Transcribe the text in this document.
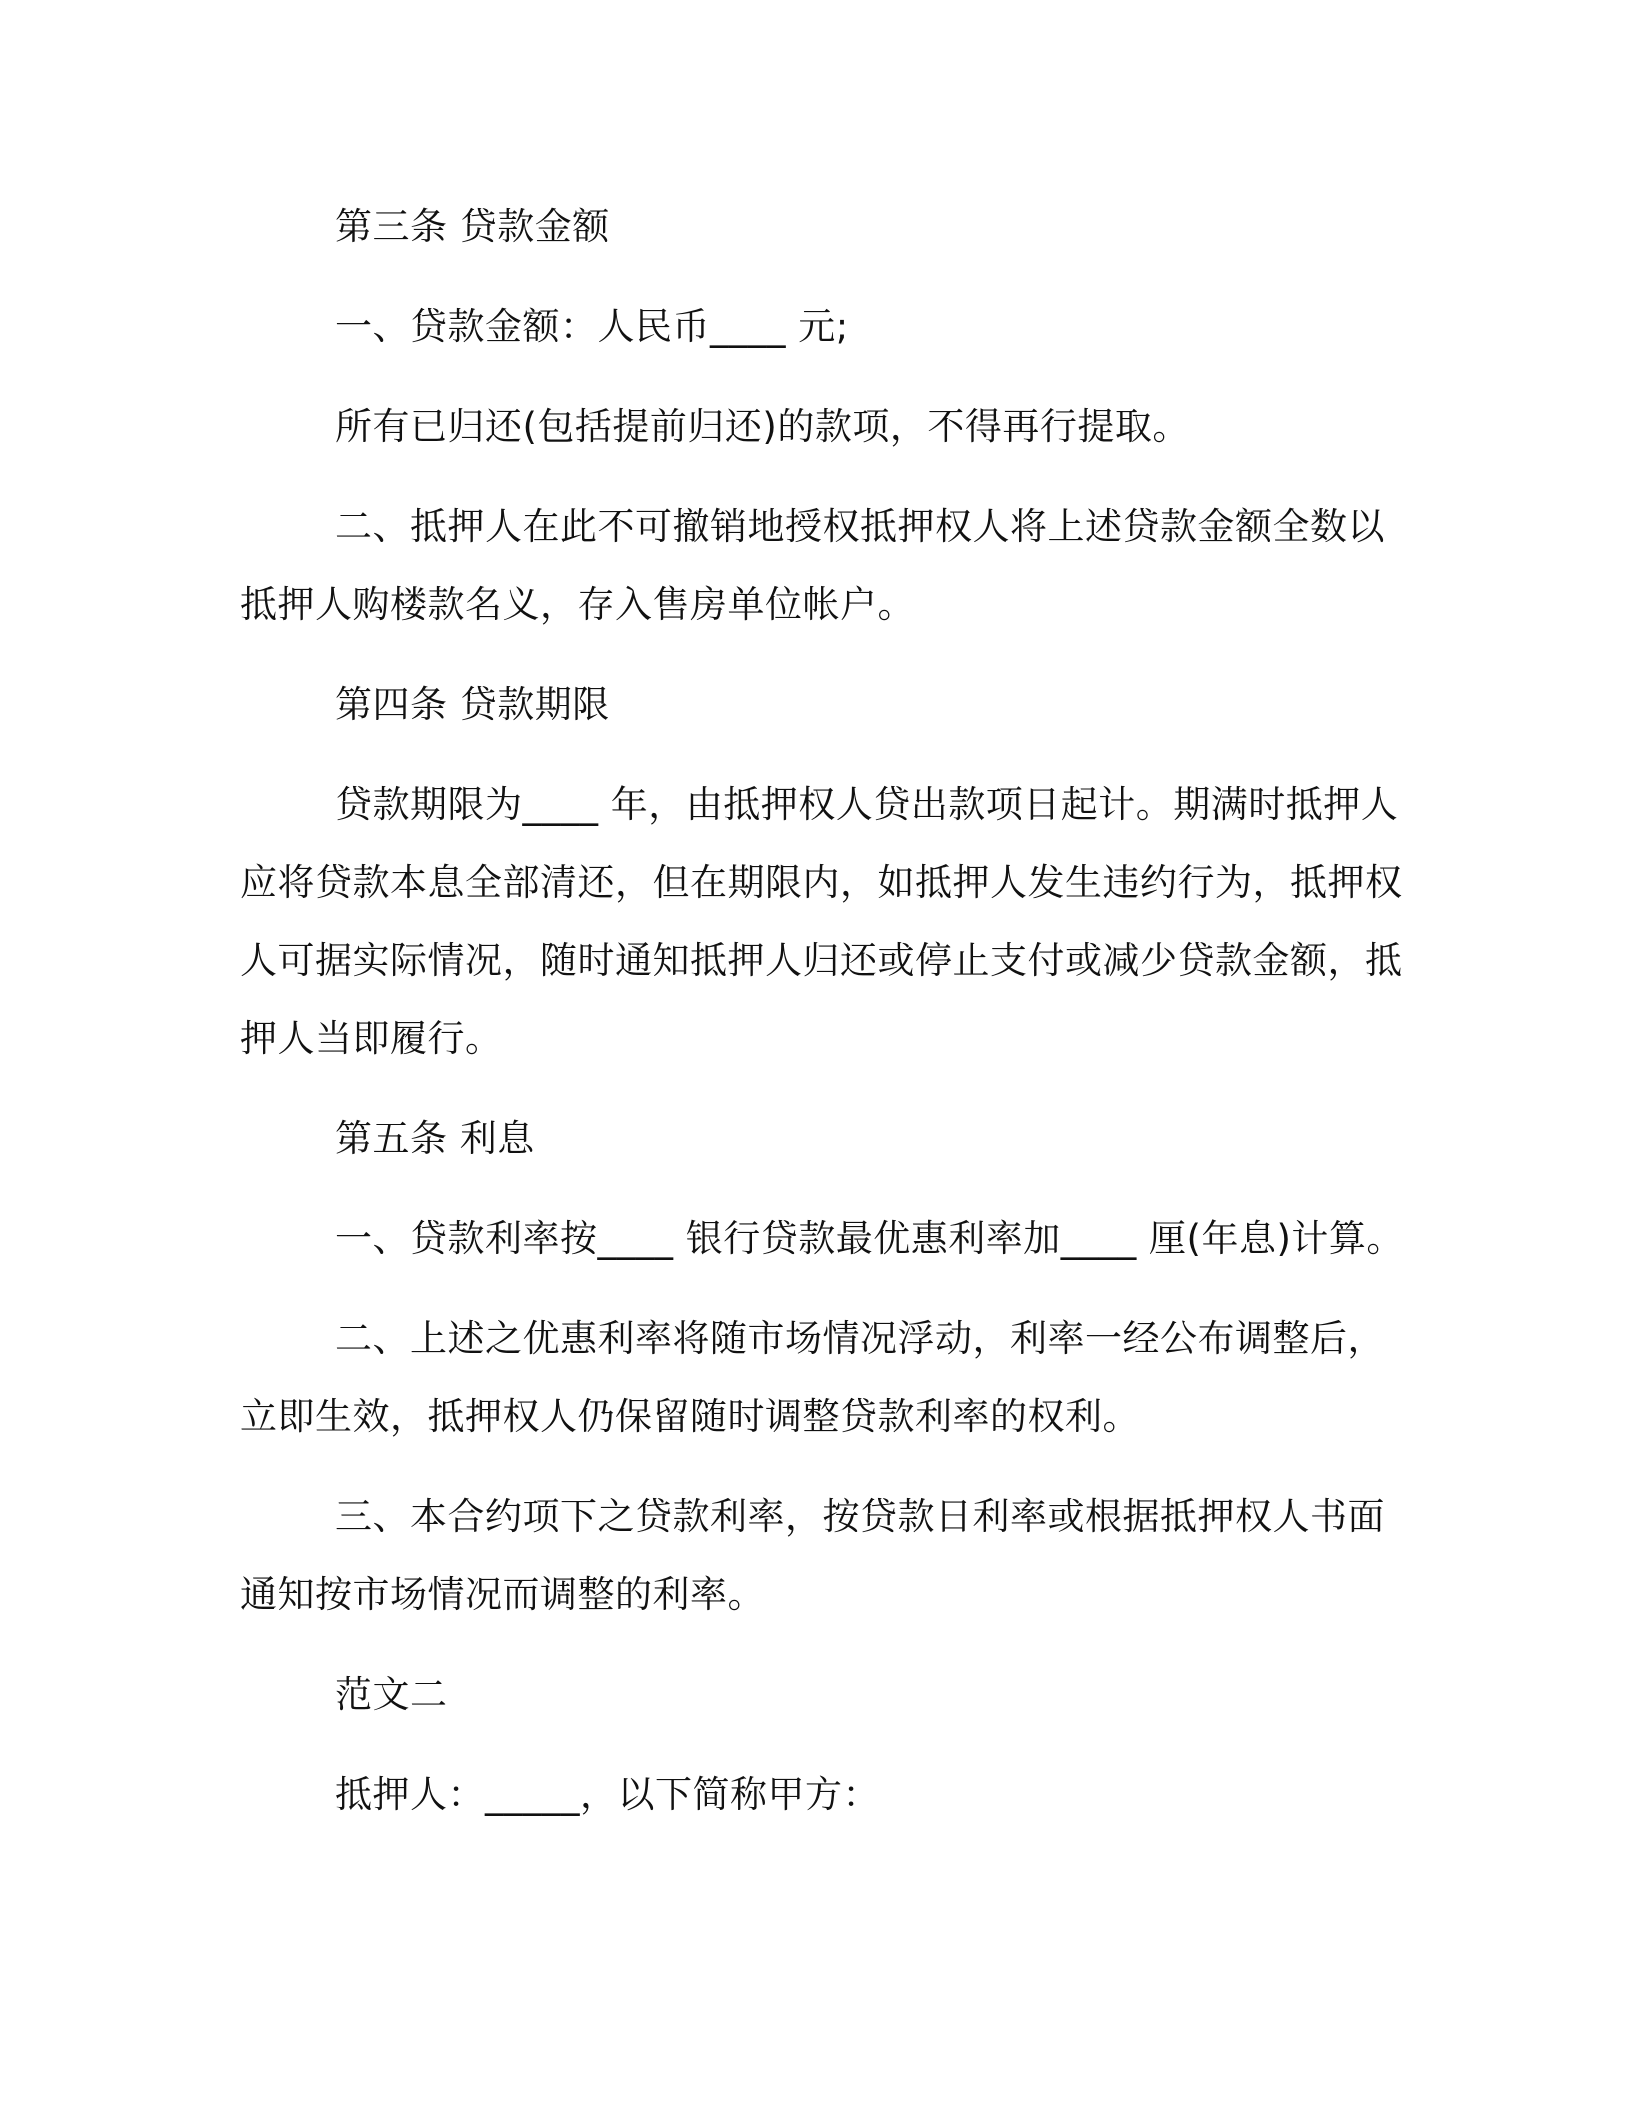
第三条 贷款金额

一、贷款金额：人民币____ 元;

所有已归还(包括提前归还)的款项，不得再行提取。

二、抵押人在此不可撤销地授权抵押权人将上述贷款金额全数以抵押人购楼款名义，存入售房单位帐户。

第四条 贷款期限

贷款期限为____ 年，由抵押权人贷出款项日起计。期满时抵押人应将贷款本息全部清还，但在期限内，如抵押人发生违约行为，抵押权人可据实际情况，随时通知抵押人归还或停止支付或减少贷款金额，抵押人当即履行。

第五条 利息

一、贷款利率按____ 银行贷款最优惠利率加____ 厘(年息)计算。

二、上述之优惠利率将随市场情况浮动，利率一经公布调整后，立即生效，抵押权人仍保留随时调整贷款利率的权利。

三、本合约项下之贷款利率，按贷款日利率或根据抵押权人书面通知按市场情况而调整的利率。

范文二

抵押人：_____，以下简称甲方：
